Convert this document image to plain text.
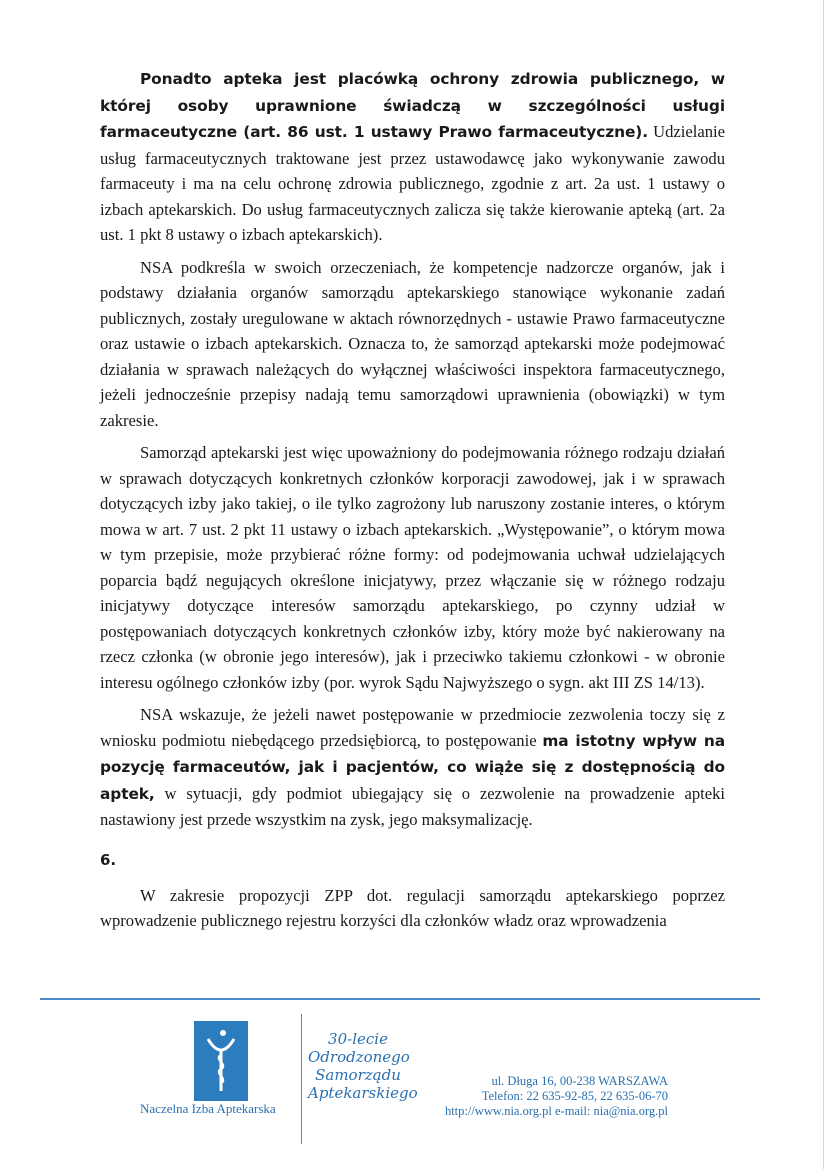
Ponadto apteka jest placówką ochrony zdrowia publicznego, w której osoby uprawnione świadczą w szczególności usługi farmaceutyczne (art. 86 ust. 1 ustawy Prawo farmaceutyczne). Udzielanie usług farmaceutycznych traktowane jest przez ustawodawcę jako wykonywanie zawodu farmaceuty i ma na celu ochronę zdrowia publicznego, zgodnie z art. 2a ust. 1 ustawy o izbach aptekarskich. Do usług farmaceutycznych zalicza się także kierowanie apteką (art. 2a ust. 1 pkt 8 ustawy o izbach aptekarskich).

NSA podkreśla w swoich orzeczeniach, że kompetencje nadzorcze organów, jak i podstawy działania organów samorządu aptekarskiego stanowiące wykonanie zadań publicznych, zostały uregulowane w aktach równorzędnych - ustawie Prawo farmaceutyczne oraz ustawie o izbach aptekarskich. Oznacza to, że samorząd aptekarski może podejmować działania w sprawach należących do wyłącznej właściwości inspektora farmaceutycznego, jeżeli jednocześnie przepisy nadają temu samorządowi uprawnienia (obowiązki) w tym zakresie.

Samorząd aptekarski jest więc upoważniony do podejmowania różnego rodzaju działań w sprawach dotyczących konkretnych członków korporacji zawodowej, jak i w sprawach dotyczących izby jako takiej, o ile tylko zagrożony lub naruszony zostanie interes, o którym mowa w art. 7 ust. 2 pkt 11 ustawy o izbach aptekarskich. „Występowanie”, o którym mowa w tym przepisie, może przybierać różne formy: od podejmowania uchwał udzielających poparcia bądź negujących określone inicjatywy, przez włączanie się w różnego rodzaju inicjatywy dotyczące interesów samorządu aptekarskiego, po czynny udział w postępowaniach dotyczących konkretnych członków izby, który może być nakierowany na rzecz członka (w obronie jego interesów), jak i przeciwko takiemu członkowi - w obronie interesu ogólnego członków izby (por. wyrok Sądu Najwyższego o sygn. akt III ZS 14/13).

NSA wskazuje, że jeżeli nawet postępowanie w przedmiocie zezwolenia toczy się z wniosku podmiotu niebędącego przedsiębiorcą, to postępowanie ma istotny wpływ na pozycję farmaceutów, jak i pacjentów, co wiąże się z dostępnością do aptek, w sytuacji, gdy podmiot ubiegający się o zezwolenie na prowadzenie apteki nastawiony jest przede wszystkim na zysk, jego maksymalizację.

6.

W zakresie propozycji ZPP dot. regulacji samorządu aptekarskiego poprzez wprowadzenie publicznego rejestru korzyści dla członków władz oraz wprowadzenia

Naczelna Izba Aptekarska
30-lecie
Odrodzonego
Samorządu
Aptekarskiego
ul. Długa 16, 00-238 WARSZAWA
Telefon: 22 635-92-85, 22 635-06-70
http://www.nia.org.pl e-mail: nia@nia.org.pl
